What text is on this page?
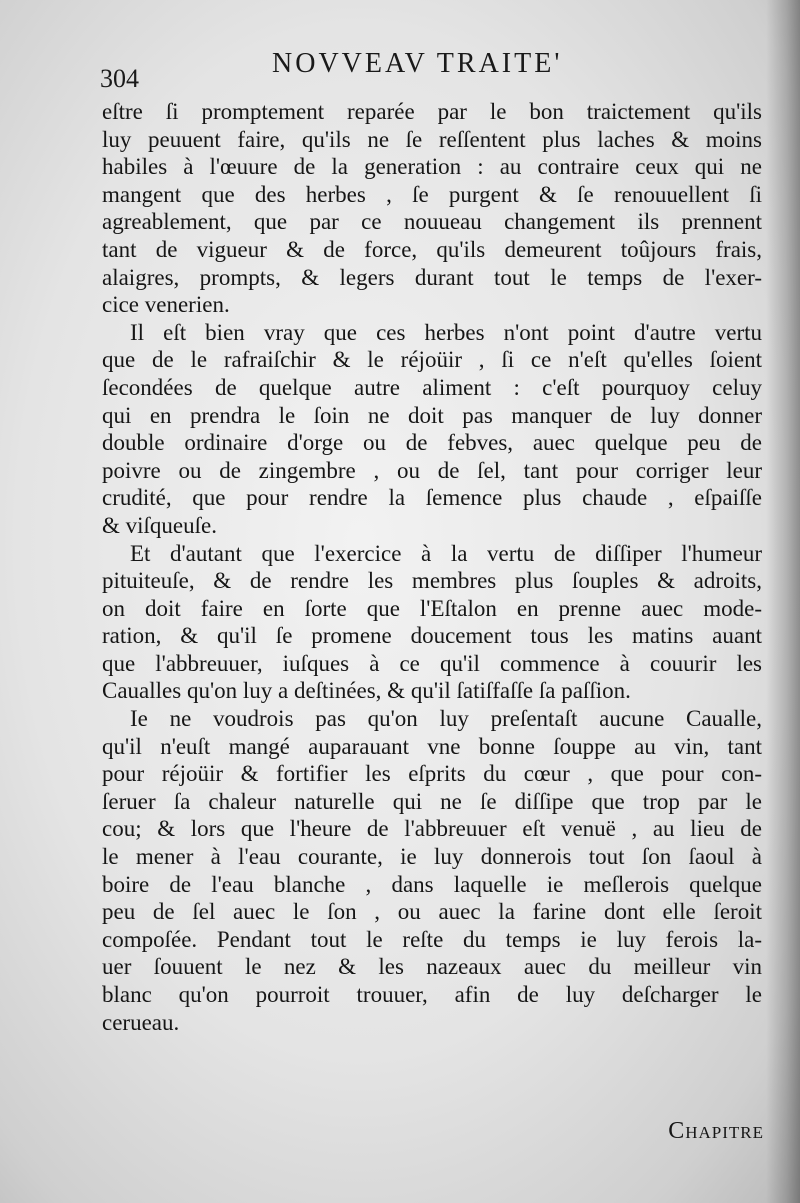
304	NOVVEAV TRAITE'
eſtre ſi promptement reparée par le bon traictement qu'ils
luy peuuent faire, qu'ils ne ſe reſſentent plus laches & moins
habiles à l'œuure de la generation : au contraire ceux qui ne
mangent que des herbes , ſe purgent & ſe renouuellent ſi
agreablement, que par ce nouueau changement ils prennent
tant de vigueur & de force, qu'ils demeurent toûjours frais,
alaigres, prompts, & legers durant tout le temps de l'exer-
cice venerien.
Il eſt bien vray que ces herbes n'ont point d'autre vertu
que de le rafraiſchir & le réjoüir , ſi ce n'eſt qu'elles ſoient
ſecondées de quelque autre aliment : c'eſt pourquoy celuy
qui en prendra le ſoin ne doit pas manquer de luy donner
double ordinaire d'orge ou de febves, auec quelque peu de
poivre ou de zingembre , ou de ſel, tant pour corriger leur
crudité, que pour rendre la ſemence plus chaude , eſpaiſſe
& viſqueuſe.
Et d'autant que l'exercice à la vertu de diſſiper l'humeur
pituiteuſe, & de rendre les membres plus ſouples & adroits,
on doit faire en ſorte que l'Eſtalon en prenne auec mode-
ration, & qu'il ſe promene doucement tous les matins auant
que l'abbreuuer, iuſques à ce qu'il commence à couurir les
Caualles qu'on luy a deſtinées, & qu'il ſatiſfaſſe ſa paſſion.
Ie ne voudrois pas qu'on luy preſentaſt aucune Caualle,
qu'il n'euſt mangé auparauant vne bonne ſouppe au vin, tant
pour réjoüir & fortifier les eſprits du cœur , que pour con-
ſeruer ſa chaleur naturelle qui ne ſe diſſipe que trop par le
cou; & lors que l'heure de l'abbreuuer eſt venuë , au lieu de
le mener à l'eau courante, ie luy donnerois tout ſon ſaoul à
boire de l'eau blanche , dans laquelle ie meſlerois quelque
peu de ſel auec le ſon , ou auec la farine dont elle ſeroit
compoſée. Pendant tout le reſte du temps ie luy ferois la-
uer ſouuent le nez & les nazeaux auec du meilleur vin
blanc qu'on pourroit trouuer, afin de luy deſcharger le
cerueau.
Chapitre
